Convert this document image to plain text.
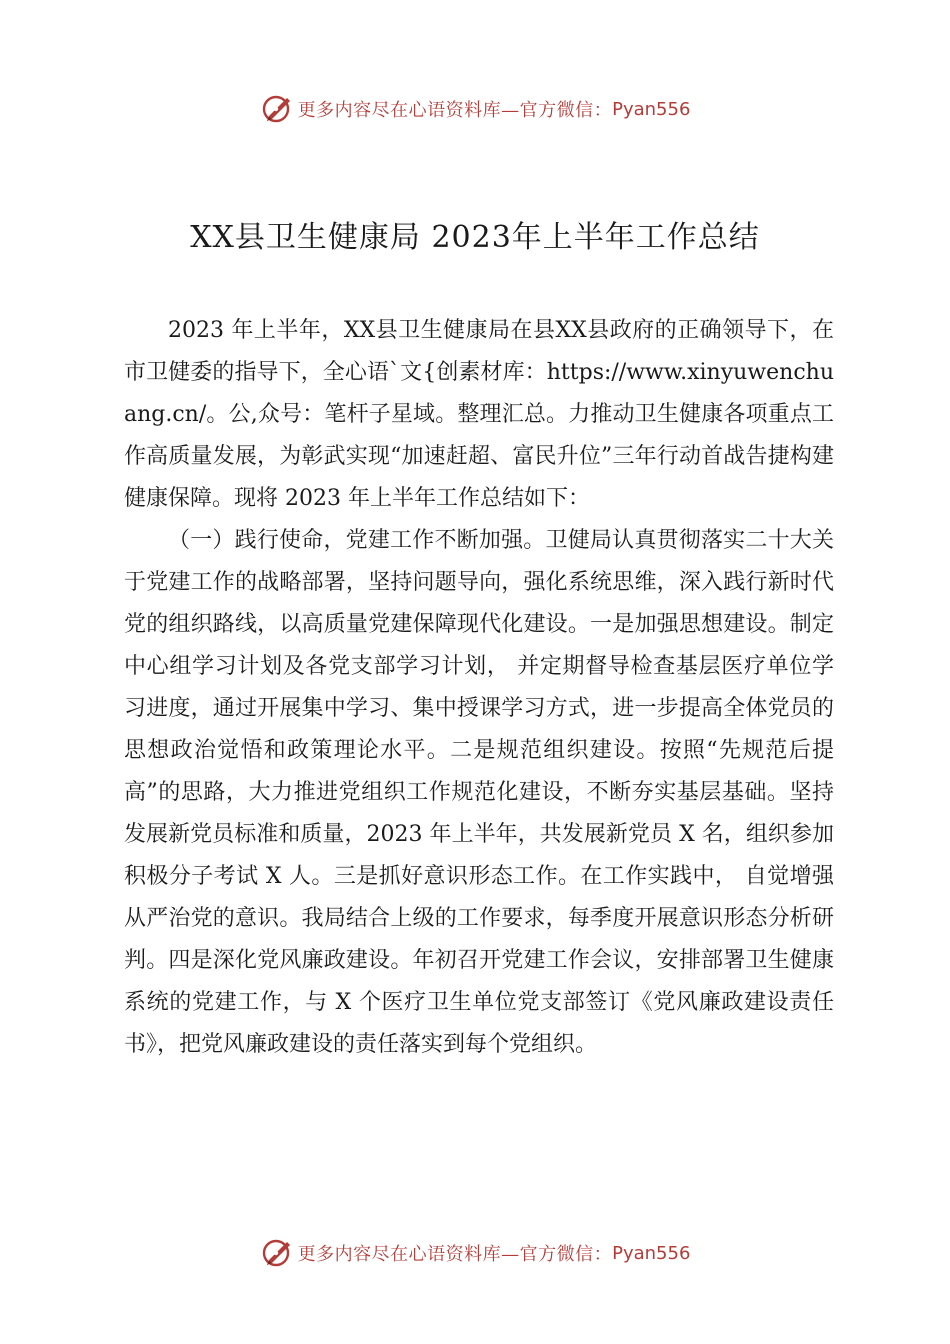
更多内容尽在心语资料库—官方微信： Pyan556
XX县卫生健康局 2023年上半年工作总结

2023 年上半年，XX县卫生健康局在县XX县政府的正确领导下，在市卫健委的指导下，全心语`文{创素材库：https://www.xinyuwenchuang.cn/。公,众号：笔杆子星域。整理汇总。力推动卫生健康各项重点工作高质量发展，为彰武实现“加速赶超、富民升位”三年行动首战告捷构建健康保障。现将 2023 年上半年工作总结如下：

（一）践行使命，党建工作不断加强。卫健局认真贯彻落实二十大关于党建工作的战略部署，坚持问题导向，强化系统思维，深入践行新时代党的组织路线，以高质量党建保障现代化建设。一是加强思想建设。制定中心组学习计划及各党支部学习计划， 并定期督导检查基层医疗单位学习进度，通过开展集中学习、集中授课学习方式，进一步提高全体党员的思想政治觉悟和政策理论水平。二是规范组织建设。按照“先规范后提高”的思路，大力推进党组织工作规范化建设，不断夯实基层基础。坚持发展新党员标准和质量，2023 年上半年，共发展新党员 X 名，组织参加积极分子考试 X 人。三是抓好意识形态工作。在工作实践中， 自觉增强从严治党的意识。我局结合上级的工作要求，每季度开展意识形态分析研判。四是深化党风廉政建设。年初召开党建工作会议，安排部署卫生健康系统的党建工作，与 X 个医疗卫生单位党支部签订《党风廉政建设责任书》，把党风廉政建设的责任落实到每个党组织。

更多内容尽在心语资料库—官方微信： Pyan556
